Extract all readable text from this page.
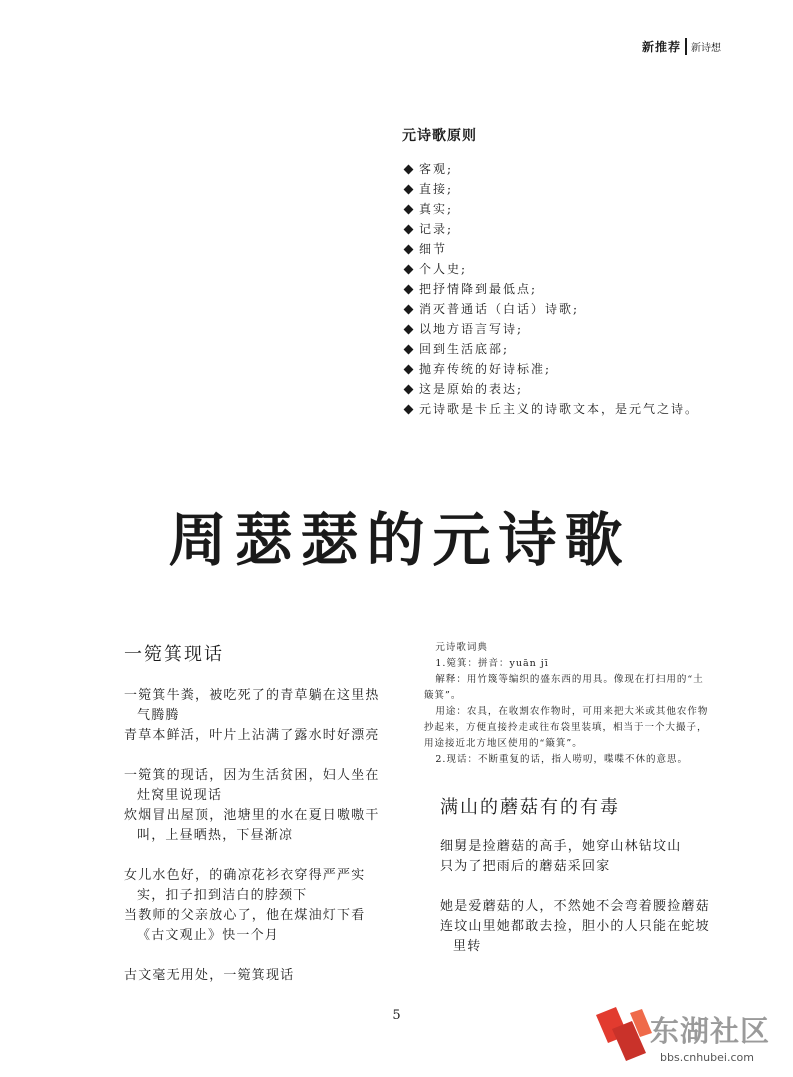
新推荐 新诗想
元诗歌原则
客观;
直接;
真实;
记录;
细节
个人史;
把抒情降到最低点;
消灭普通话（白话）诗歌;
以地方语言写诗;
回到生活底部;
抛弃传统的好诗标准;
这是原始的表达;
元诗歌是卡丘主义的诗歌文本，是元气之诗。
周瑟瑟的元诗歌
一箢箕现话
一箢箕牛粪，被吃死了的青草躺在这里热气腾腾
青草本鲜活，叶片上沾满了露水时好漂亮
一箢箕的现话，因为生活贫困，妇人坐在灶窝里说现话
炊烟冒出屋顶，池塘里的水在夏日嗷嗷干叫，上昼晒热，下昼渐凉
女儿水色好，的确凉花衫衣穿得严严实实，扣子扣到洁白的脖颈下
当教师的父亲放心了，他在煤油灯下看《古文观止》快一个月
古文毫无用处，一箢箕现话
元诗歌词典
1.箢箕：拼音：yuān jī
解释：用竹篾等编织的盛东西的用具。像现在打扫用的“土簸箕”。
用途：农具，在收割农作物时，可用来把大米或其他农作物抄起来，方便直接拎走或往布袋里装填，相当于一个大撮子，用途接近北方地区使用的“簸箕”。
2.现话：不断重复的话，指人唠叨，喋喋不休的意思。
满山的蘑菇有的有毒
细舅是捡蘑菇的高手，她穿山林钻坟山
只为了把雨后的蘑菇采回家
她是爱蘑菇的人，不然她不会弯着腰捡蘑菇
连坟山里她都敢去捡，胆小的人只能在蛇坡里转
5	东湖社区
bbs.cnhubei.com
